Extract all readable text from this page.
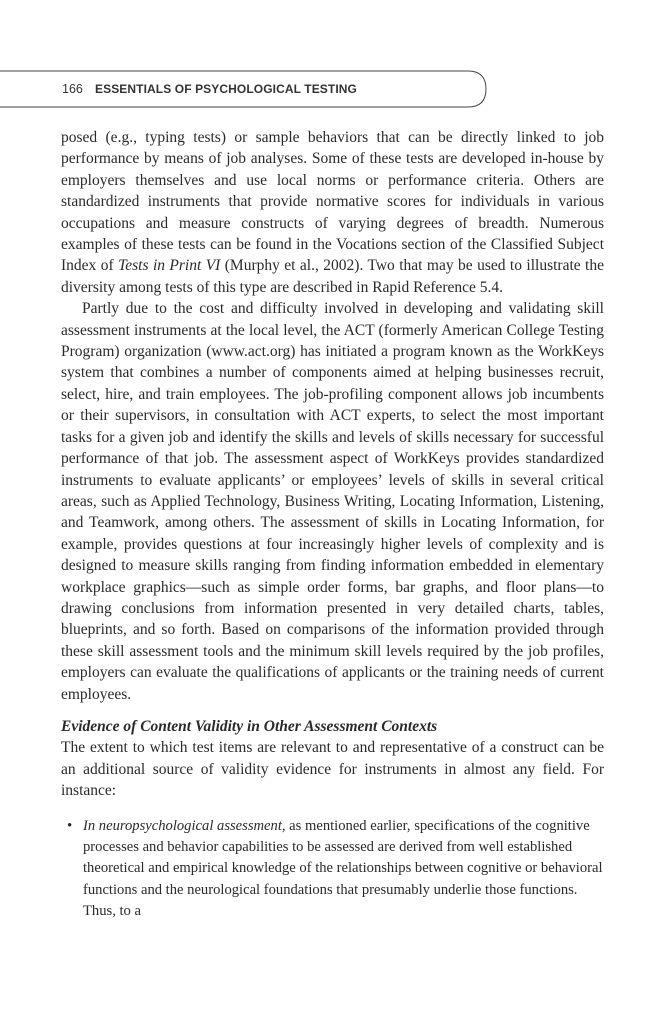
166 ESSENTIALS OF PSYCHOLOGICAL TESTING

posed (e.g., typing tests) or sample behaviors that can be directly linked to job performance by means of job analyses. Some of these tests are developed in-house by employers themselves and use local norms or performance criteria. Others are standardized instruments that provide normative scores for individuals in various occupations and measure constructs of varying degrees of breadth. Numerous examples of these tests can be found in the Vocations section of the Classified Subject Index of Tests in Print VI (Murphy et al., 2002). Two that may be used to illustrate the diversity among tests of this type are described in Rapid Reference 5.4.

Partly due to the cost and difficulty involved in developing and validating skill assessment instruments at the local level, the ACT (formerly American College Testing Program) organization (www.act.org) has initiated a program known as the WorkKeys system that combines a number of components aimed at helping businesses recruit, select, hire, and train employees. The job-profiling component allows job incumbents or their supervisors, in consultation with ACT experts, to select the most important tasks for a given job and identify the skills and levels of skills necessary for successful performance of that job. The assessment aspect of WorkKeys provides standardized instruments to evaluate applicants’ or employees’ levels of skills in several critical areas, such as Applied Technology, Business Writing, Locating Information, Listening, and Teamwork, among others. The assessment of skills in Locating Information, for example, provides questions at four increasingly higher levels of complexity and is designed to measure skills ranging from finding information embedded in elementary workplace graphics—such as simple order forms, bar graphs, and floor plans—to drawing conclusions from information presented in very detailed charts, tables, blueprints, and so forth. Based on comparisons of the information provided through these skill assessment tools and the minimum skill levels required by the job profiles, employers can evaluate the qualifications of applicants or the training needs of current employees.

Evidence of Content Validity in Other Assessment Contexts

The extent to which test items are relevant to and representative of a construct can be an additional source of validity evidence for instruments in almost any field. For instance:

• In neuropsychological assessment, as mentioned earlier, specifications of the cognitive processes and behavior capabilities to be assessed are derived from well established theoretical and empirical knowledge of the relationships between cognitive or behavioral functions and the neurological foundations that presumably underlie those functions. Thus, to a
